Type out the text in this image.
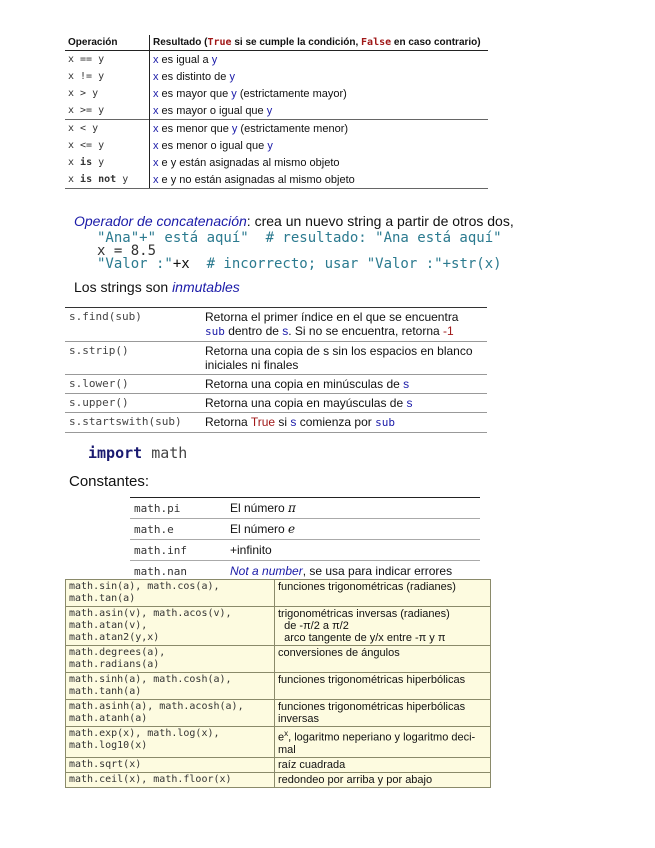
Operación	Resultado (True si se cumple la condición, False en caso contrario)
x == y	x es igual a y
x != y	x es distinto de y
x > y	x es mayor que y (estrictamente mayor)
x >= y	x es mayor o igual que y
x < y	x es menor que y (estrictamente menor)
x <= y	x es menor o igual que y
x is y	x e y están asignadas al mismo objeto
x is not y	x e y no están asignadas al mismo objeto
Operador de concatenación: crea un nuevo string a partir de otros dos,
"Ana"+" está aquí"  # resultado: "Ana está aquí"
x = 8.5
"Valor :"+x  # incorrecto; usar "Valor :"+str(x)
Los strings son inmutables
s.find(sub)	Retorna el primer índice en el que se encuentra
sub dentro de s. Si no se encuentra, retorna -1
s.strip()	Retorna una copia de s sin los espacios en blanco
iniciales ni finales
s.lower()	Retorna una copia en minúsculas de s
s.upper()	Retorna una copia en mayúsculas de s
s.startswith(sub)	Retorna True si s comienza por sub
import math
Constantes:
math.pi	El número π
math.e	El número e
math.inf	+infinito
math.nan	Not a number, se usa para indicar errores
math.sin(a), math.cos(a),
math.tan(a)	funciones trigonométricas (radianes)
math.asin(v), math.acos(v),
math.atan(v),
math.atan2(y,x)	trigonométricas inversas (radianes)
de -π/2 a π/2
arco tangente de y/x entre -π y π
math.degrees(a),
math.radians(a)	conversiones de ángulos
math.sinh(a), math.cosh(a),
math.tanh(a)	funciones trigonométricas hiperbólicas
math.asinh(a), math.acosh(a),
math.atanh(a)	funciones trigonométricas hiperbólicas
inversas
math.exp(x), math.log(x),
math.log10(x)	$e^x$, logaritmo neperiano y logaritmo deci-
mal
math.sqrt(x)	raíz cuadrada
math.ceil(x), math.floor(x)	redondeo por arriba y por abajo
